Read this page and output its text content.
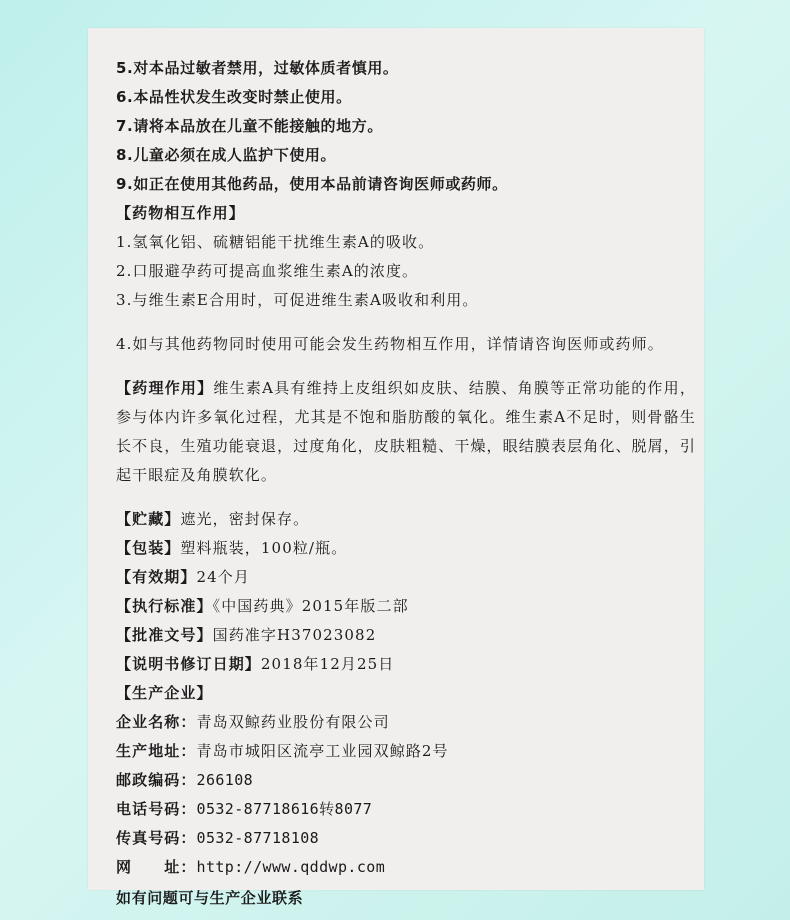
5.对本品过敏者禁用，过敏体质者慎用。

6.本品性状发生改变时禁止使用。

7.请将本品放在儿童不能接触的地方。

8.儿童必须在成人监护下使用。

9.如正在使用其他药品，使用本品前请咨询医师或药师。

【药物相互作用】

1.氢氧化铝、硫糖铝能干扰维生素A的吸收。

2.口服避孕药可提高血浆维生素A的浓度。

3.与维生素E合用时，可促进维生素A吸收和利用。

4.如与其他药物同时使用可能会发生药物相互作用，详情请咨询医师或药师。

【药理作用】维生素A具有维持上皮组织如皮肤、结膜、角膜等正常功能的作用，参与体内许多氧化过程，尤其是不饱和脂肪酸的氧化。维生素A不足时，则骨骼生长不良，生殖功能衰退，过度角化，皮肤粗糙、干燥，眼结膜表层角化、脱屑，引起干眼症及角膜软化。

【贮藏】遮光，密封保存。

【包装】塑料瓶装，100粒/瓶。

【有效期】24个月

【执行标准】《中国药典》2015年版二部

【批准文号】国药准字H37023082

【说明书修订日期】2018年12月25日

【生产企业】

企业名称：青岛双鲸药业股份有限公司

生产地址：青岛市城阳区流亭工业园双鲸路2号

邮政编码：266108

电话号码：0532-87718616转8077

传真号码：0532-87718108

网　　址：http://www.qddwp.com

如有问题可与生产企业联系
